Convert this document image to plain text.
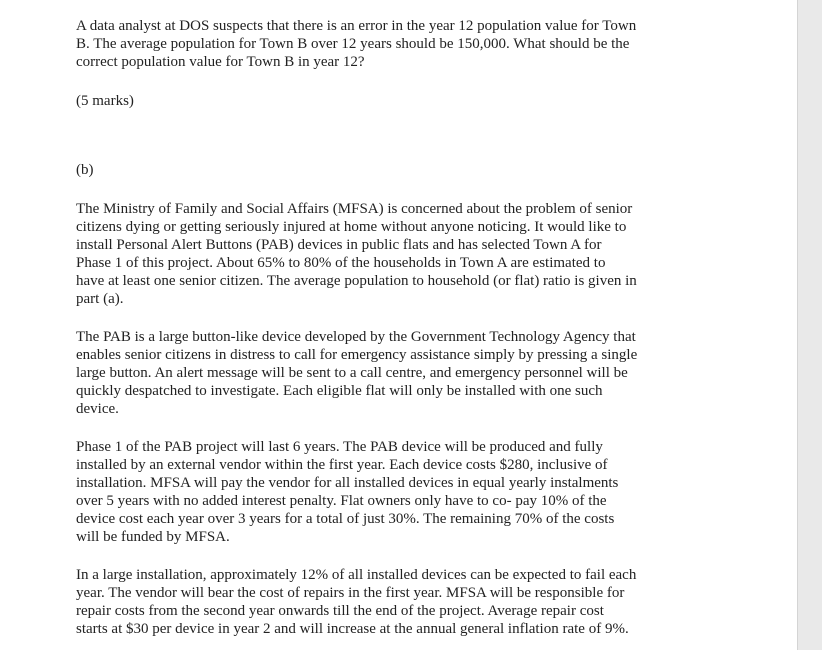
A data analyst at DOS suspects that there is an error in the year 12 population value for Town
B. The average population for Town B over 12 years should be 150,000. What should be the
correct population value for Town B in year 12?

(5 marks)

(b)

The Ministry of Family and Social Affairs (MFSA) is concerned about the problem of senior
citizens dying or getting seriously injured at home without anyone noticing. It would like to
install Personal Alert Buttons (PAB) devices in public flats and has selected Town A for
Phase 1 of this project. About 65% to 80% of the households in Town A are estimated to
have at least one senior citizen. The average population to household (or flat) ratio is given in
part (a).

The PAB is a large button-like device developed by the Government Technology Agency that
enables senior citizens in distress to call for emergency assistance simply by pressing a single
large button. An alert message will be sent to a call centre, and emergency personnel will be
quickly despatched to investigate. Each eligible flat will only be installed with one such
device.

Phase 1 of the PAB project will last 6 years. The PAB device will be produced and fully
installed by an external vendor within the first year. Each device costs $280, inclusive of
installation. MFSA will pay the vendor for all installed devices in equal yearly instalments
over 5 years with no added interest penalty. Flat owners only have to co- pay 10% of the
device cost each year over 3 years for a total of just 30%. The remaining 70% of the costs
will be funded by MFSA.

In a large installation, approximately 12% of all installed devices can be expected to fail each
year. The vendor will bear the cost of repairs in the first year. MFSA will be responsible for
repair costs from the second year onwards till the end of the project. Average repair cost
starts at $30 per device in year 2 and will increase at the annual general inflation rate of 9%.
